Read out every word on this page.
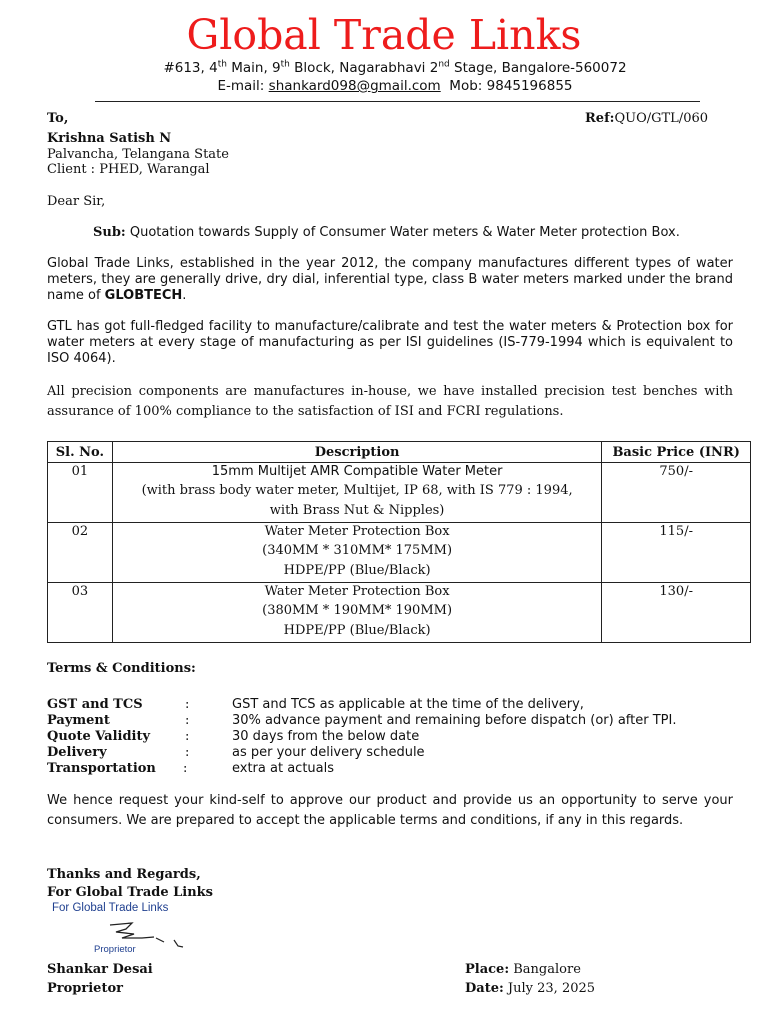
Global Trade Links
#613, 4th Main, 9th Block, Nagarabhavi 2nd Stage, Bangalore-560072
E-mail: shankard098@gmail.com Mob: 9845196855
To,	Ref:QUO/GTL/060
Krishna Satish N
Palvancha, Telangana State
Client : PHED, Warangal
Dear Sir,
Sub: Quotation towards Supply of Consumer Water meters & Water Meter protection Box.
Global Trade Links, established in the year 2012, the company manufactures different types of water meters, they are generally drive, dry dial, inferential type, class B water meters marked under the brand name of GLOBTECH.
GTL has got full-fledged facility to manufacture/calibrate and test the water meters & Protection box for water meters at every stage of manufacturing as per ISI guidelines (IS-779-1994 which is equivalent to ISO 4064).
All precision components are manufactures in-house, we have installed precision test benches with assurance of 100% compliance to the satisfaction of ISI and FCRI regulations.
Sl. No.	Description	Basic Price (INR)

01	15mm Multijet AMR Compatible Water Meter
(with brass body water meter, Multijet, IP 68, with IS 779 : 1994,
with Brass Nut & Nipples)	750/-

02	Water Meter Protection Box
(340MM * 310MM* 175MM)
HDPE/PP (Blue/Black)	115/-

03	Water Meter Protection Box
(380MM * 190MM* 190MM)
HDPE/PP (Blue/Black)	130/-
Terms & Conditions:
GST and TCS	:	GST and TCS as applicable at the time of the delivery,
Payment	:	30% advance payment and remaining before dispatch (or) after TPI.
Quote Validity	:	30 days from the below date
Delivery	:	as per your delivery schedule
Transportation	:	extra at actuals
We hence request your kind-self to approve our product and provide us an opportunity to serve your consumers. We are prepared to accept the applicable terms and conditions, if any in this regards.
Thanks and Regards,
For Global Trade Links
For Global Trade Links
Proprietor
Shankar Desai
Proprietor
Place: Bangalore
Date: July 23, 2025
